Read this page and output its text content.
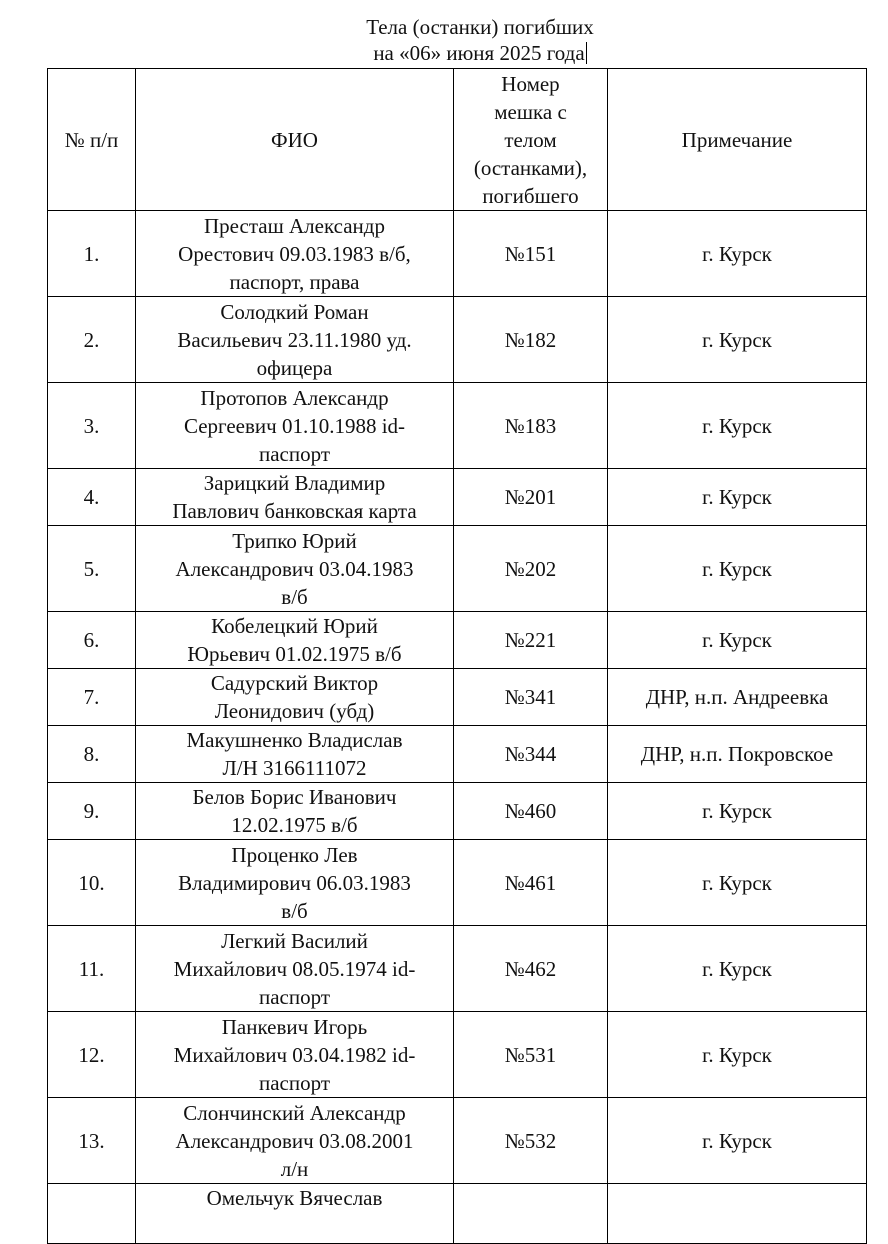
Тела (останки) погибших
на «06» июня 2025 года
№ п/п	ФИО	Номер
мешка с
телом
(останками),
погибшего	Примечание
1.	Престаш Александр
Орестович 09.03.1983 в/б,
паспорт, права	№151	г. Курск
2.	Солодкий Роман
Васильевич 23.11.1980 уд.
офицера	№182	г. Курск
3.	Протопов Александр
Сергеевич 01.10.1988 id-
паспорт	№183	г. Курск
4.	Зарицкий Владимир
Павлович банковская карта	№201	г. Курск
5.	Трипко Юрий
Александрович 03.04.1983
в/б	№202	г. Курск
6.	Кобелецкий Юрий
Юрьевич 01.02.1975 в/б	№221	г. Курск
7.	Садурский Виктор
Леонидович (убд)	№341	ДНР, н.п. Андреевка
8.	Макушненко Владислав
Л/Н 3166111072	№344	ДНР, н.п. Покровское
9.	Белов Борис Иванович
12.02.1975 в/б	№460	г. Курск
10.	Проценко Лев
Владимирович 06.03.1983
в/б	№461	г. Курск
11.	Легкий Василий
Михайлович 08.05.1974 id-
паспорт	№462	г. Курск
12.	Панкевич Игорь
Михайлович 03.04.1982 id-
паспорт	№531	г. Курск
13.	Слончинский Александр
Александрович 03.08.2001
л/н	№532	г. Курск
	Омельчук Вячеслав		
